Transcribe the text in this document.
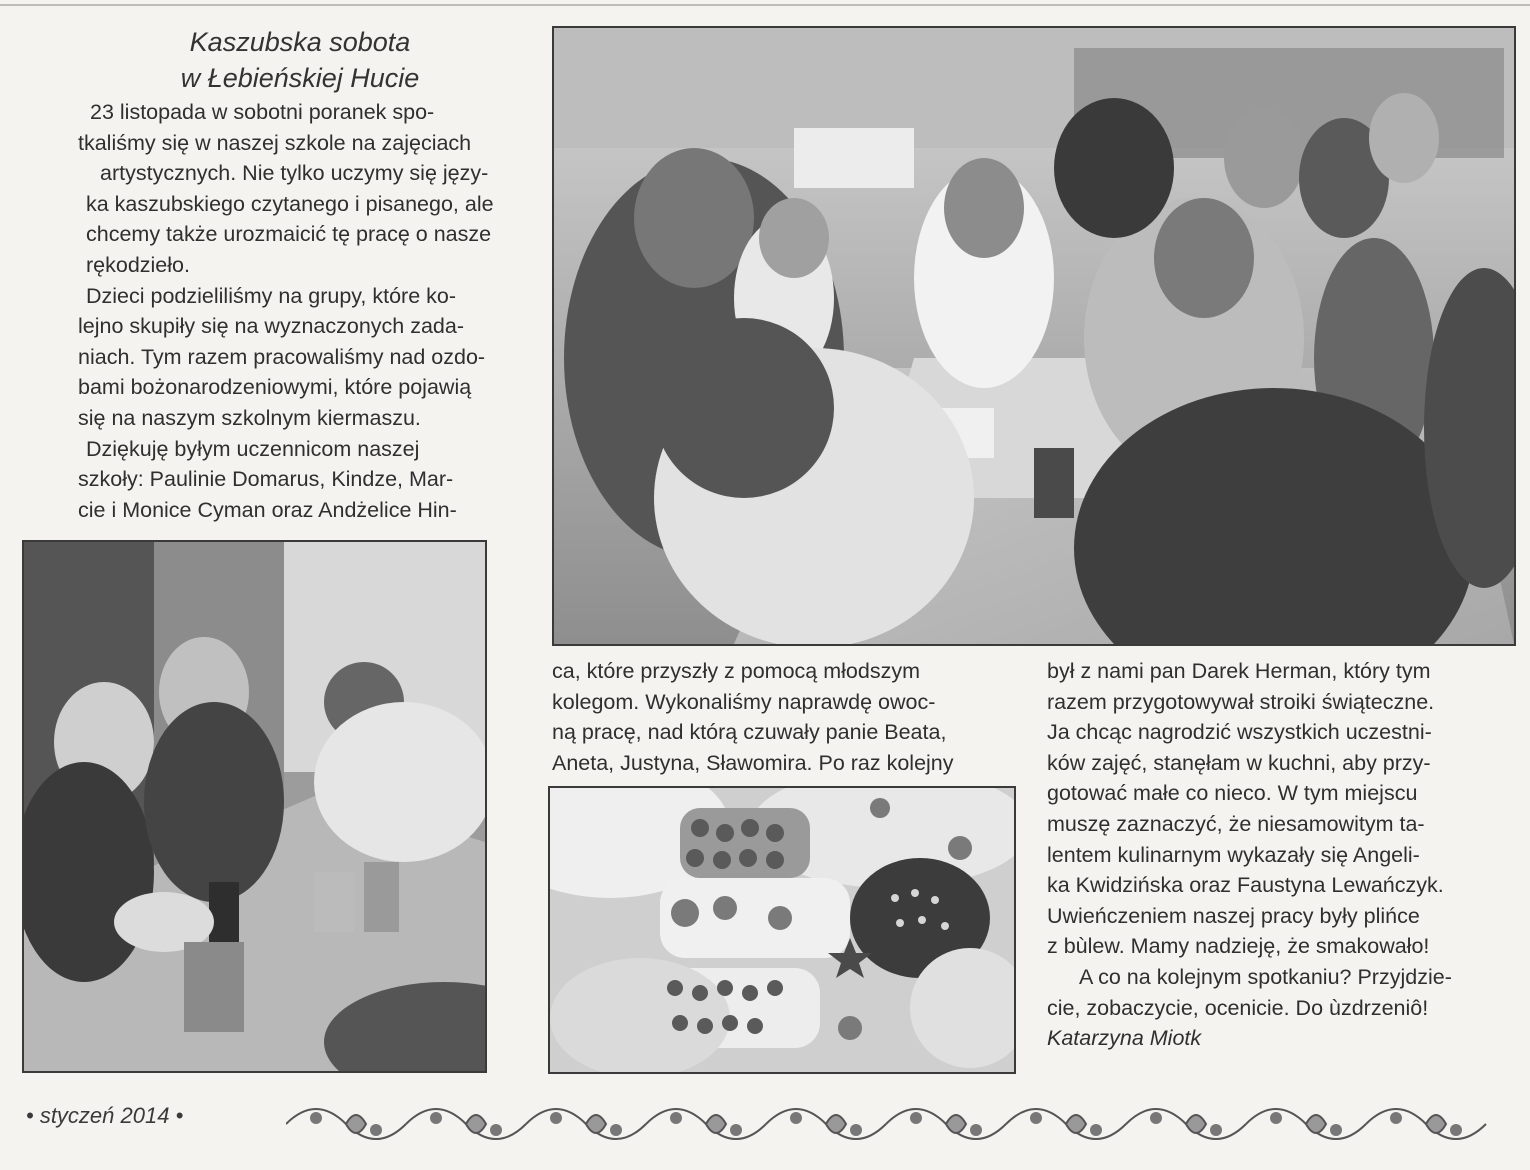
Kaszubska sobota
w Łebieńskiej Hucie

23 listopada w sobotni poranek spo-

tkaliśmy się w naszej szkole na zajęciach

artystycznych. Nie tylko uczymy się języ-

ka kaszubskiego czytanego i pisanego, ale

chcemy także urozmaicić tę pracę o nasze

rękodzieło.

Dzieci podzieliliśmy na grupy, które ko-

lejno skupiły się na wyznaczonych zada-

niach. Tym razem pracowaliśmy nad ozdo-

bami bożonarodzeniowymi, które pojawią

się na naszym szkolnym kiermaszu.

Dziękuję byłym uczennicom naszej

szkoły: Paulinie Domarus, Kindze, Mar-

cie i Monice Cyman oraz Andżelice Hin-

ca, które przyszły z pomocą młodszym

kolegom. Wykonaliśmy naprawdę owoc-

ną pracę, nad którą czuwały panie Beata,

Aneta, Justyna, Sławomira. Po raz kolejny

był z nami pan Darek Herman, który tym

razem przygotowywał stroiki świąteczne.

Ja chcąc nagrodzić wszystkich uczestni-

ków zajęć, stanęłam w kuchni, aby przy-

gotować małe co nieco. W tym miejscu

muszę zaznaczyć, że niesamowitym ta-

lentem kulinarnym wykazały się Angeli-

ka Kwidzińska oraz Faustyna Lewańczyk.

Uwieńczeniem naszej pracy były plińce

z bùlew. Mamy nadzieję, że smakowało!

A co na kolejnym spotkaniu? Przyjdzie-

cie, zobaczycie, ocenicie. Do ùzdrzeniô!

Katarzyna Miotk

• styczeń 2014 •
